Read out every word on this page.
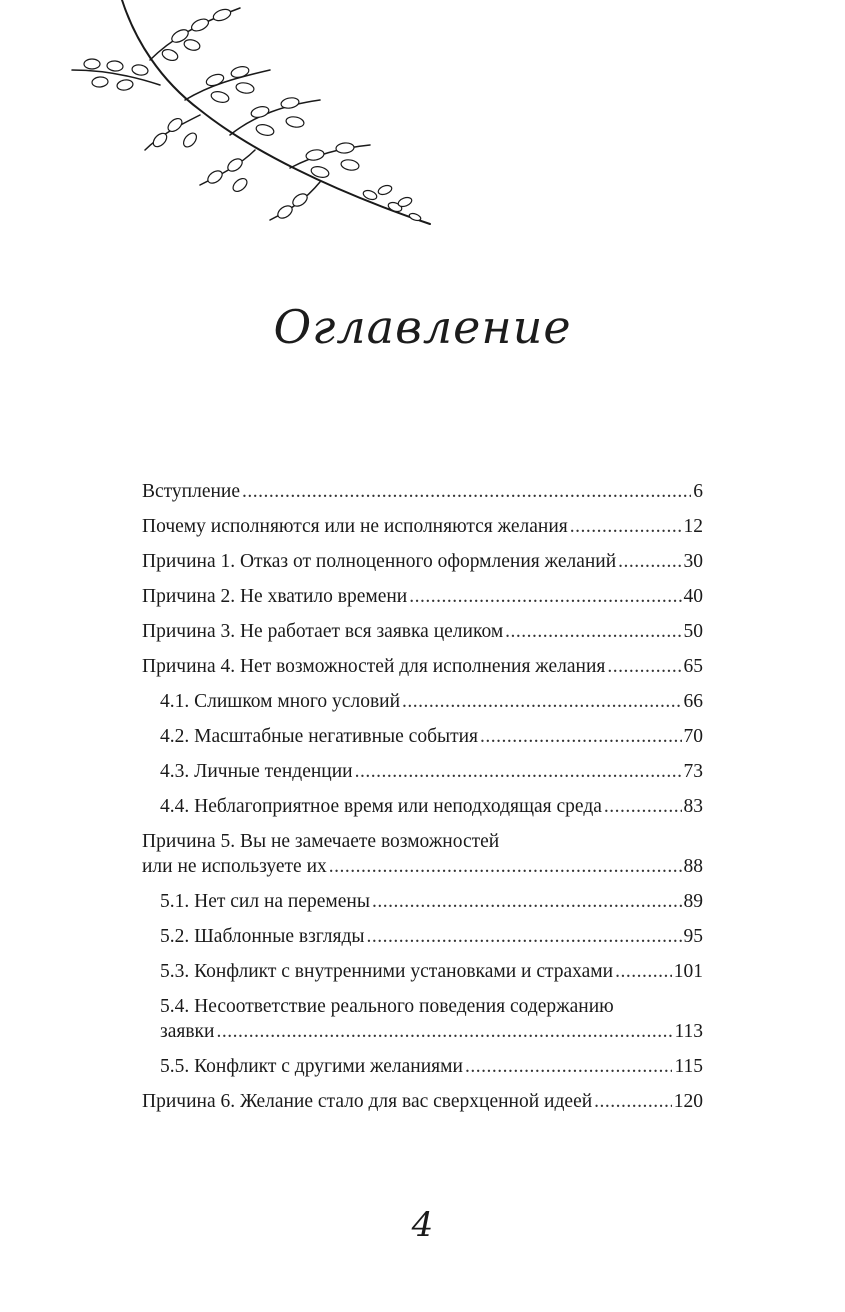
Оглавление
Вступление .....	6
Почему исполняются или не исполняются желания .....	12
Причина 1. Отказ от полноценного оформления желаний .....	30
Причина 2. Не хватило времени .....	40
Причина 3. Не работает вся заявка целиком .....	50
Причина 4. Нет возможностей для исполнения желания .....	65
4.1. Слишком много условий .....	66
4.2. Масштабные негативные события .....	70
4.3. Личные тенденции .....	73
4.4. Неблагоприятное время или неподходящая среда .....	83
Причина 5. Вы не замечаете возможностей
или не используете их .....	88
5.1. Нет сил на перемены .....	89
5.2. Шаблонные взгляды .....	95
5.3. Конфликт с внутренними установками и страхами .....	101
5.4. Несоответствие реального поведения содержанию
заявки .....	113
5.5. Конфликт с другими желаниями .....	115
Причина 6. Желание стало для вас сверхценной идеей .....	120
4
